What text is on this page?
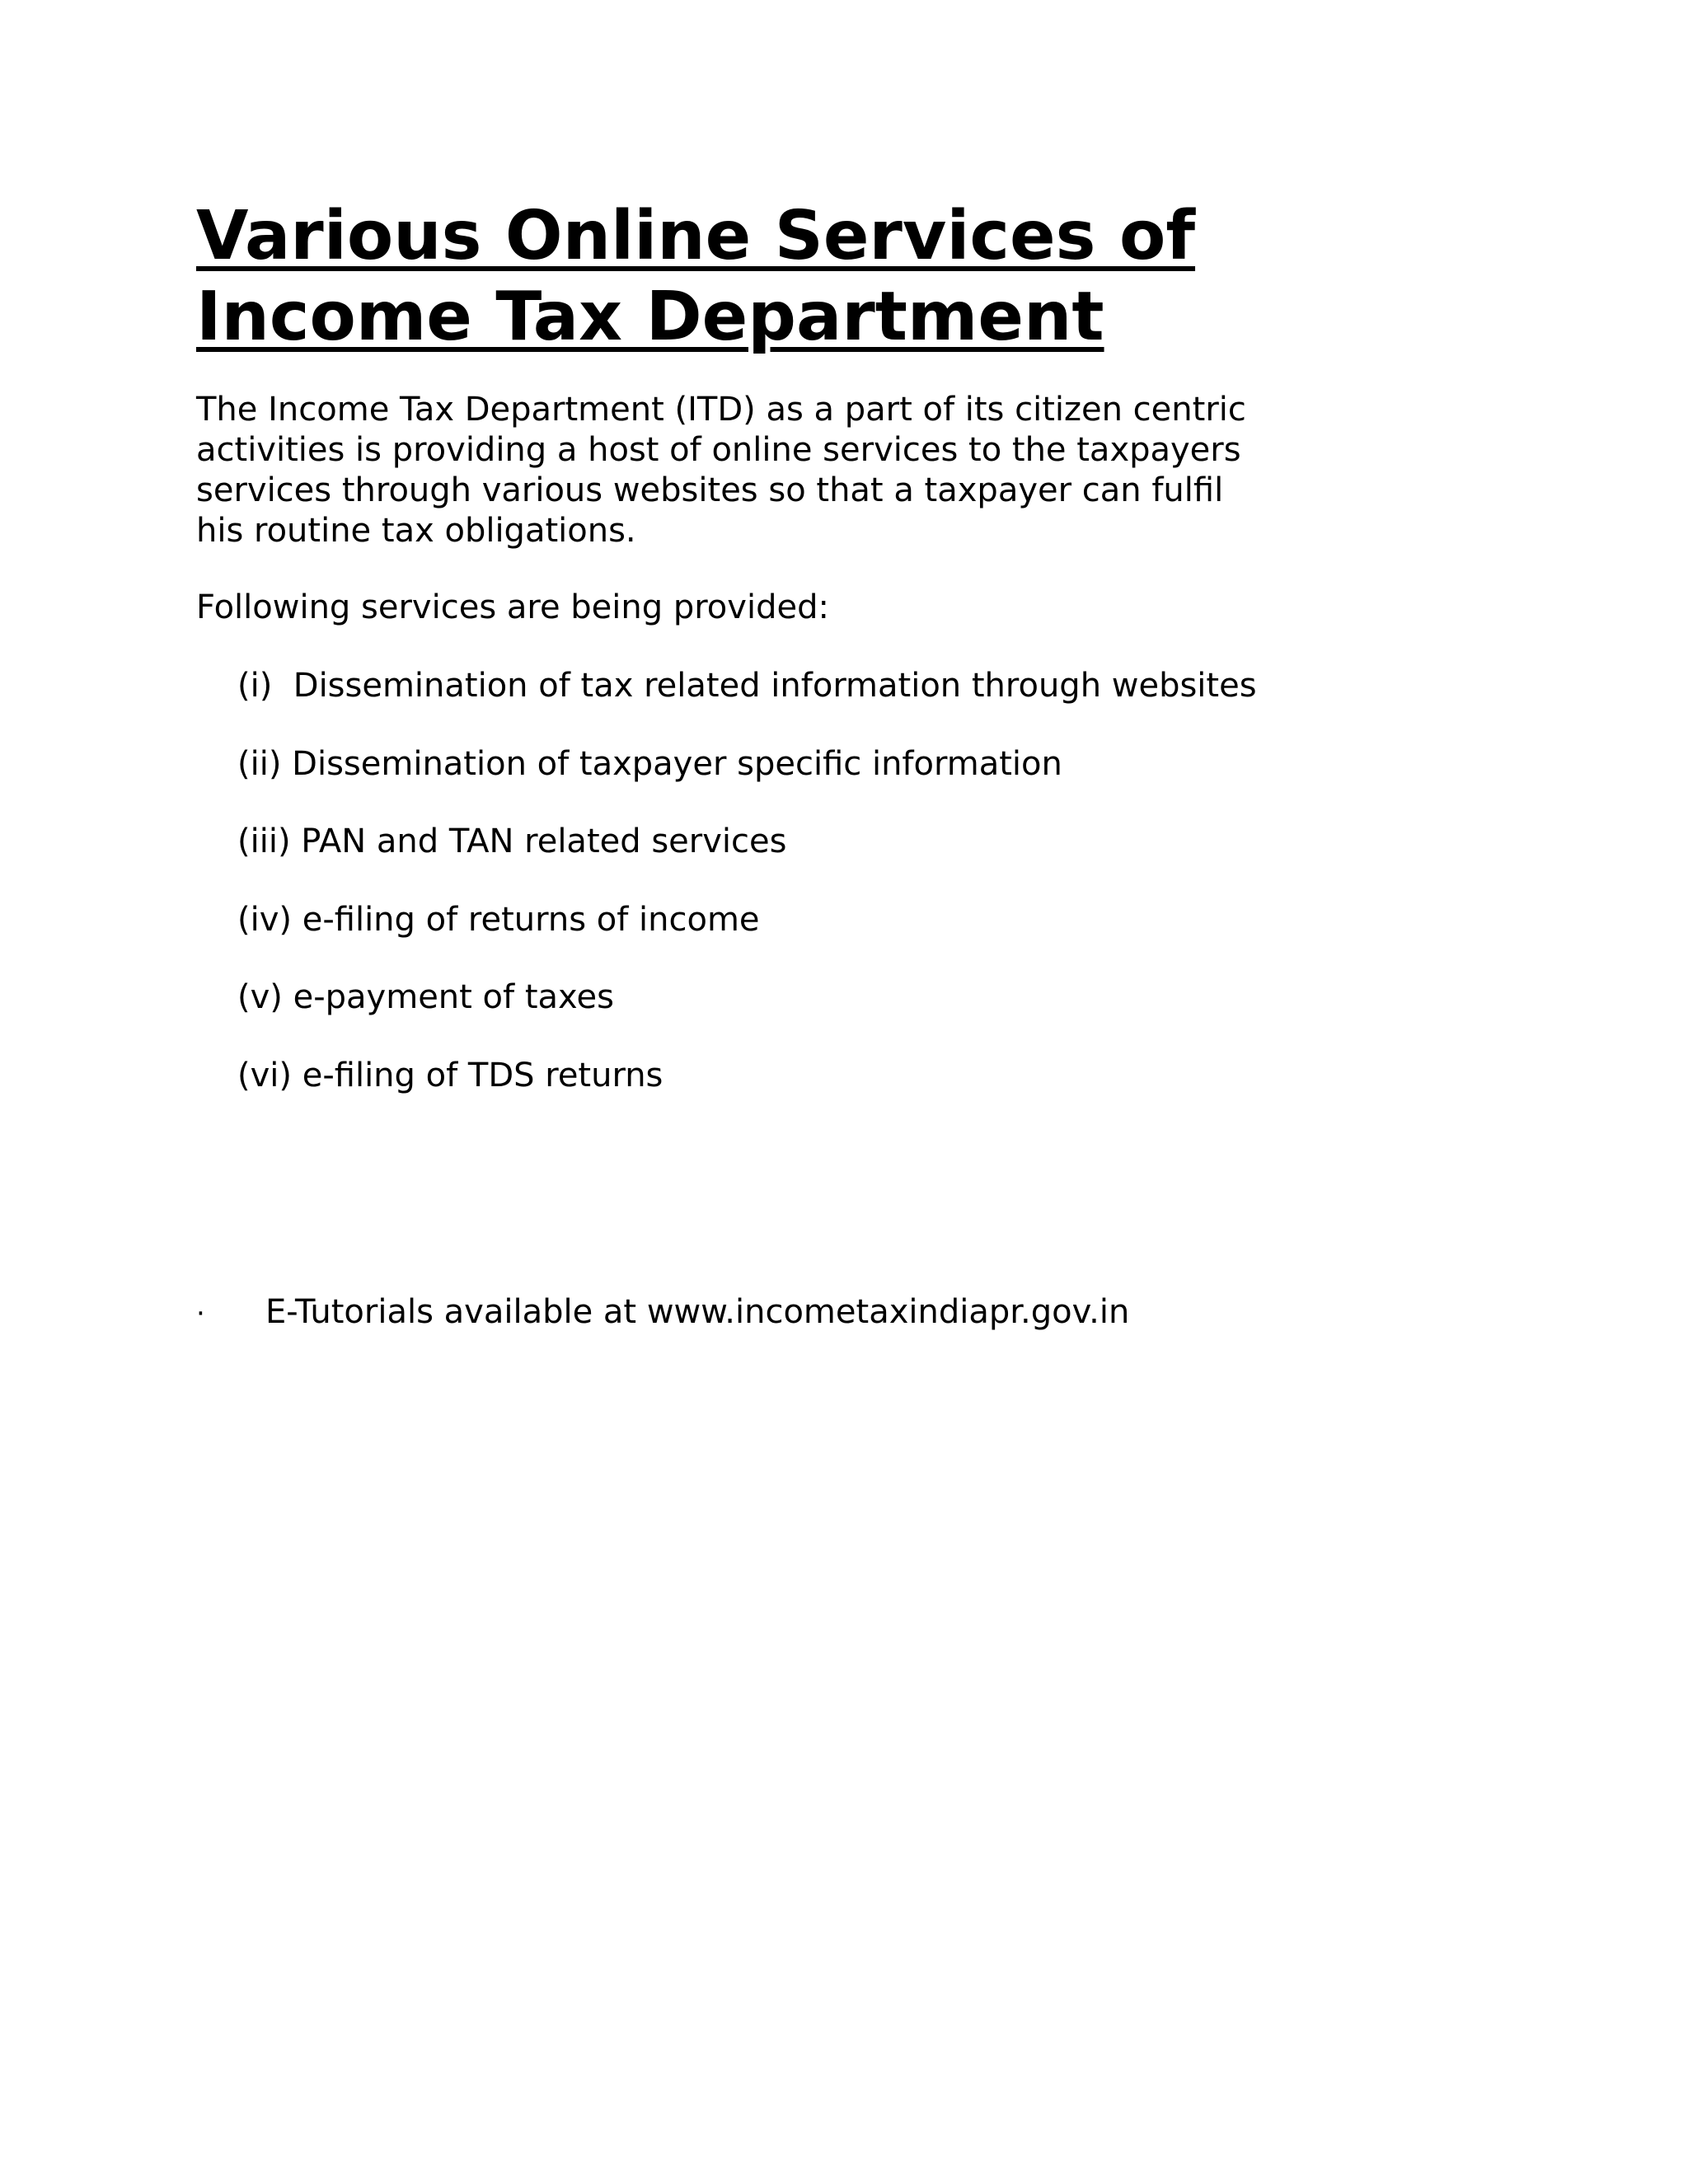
Various Online Services of
Income Tax Department

The Income Tax Department (ITD) as a part of its citizen centric
activities is providing a host of online services to the taxpayers
services through various websites so that a taxpayer can fulfil
his routine tax obligations.

Following services are being provided:

(i) Dissemination of tax related information through websites
(ii) Dissemination of taxpayer specific information
(iii) PAN and TAN related services
(iv) e-filing of returns of income
(v) e-payment of taxes
(vi) e-filing of TDS returns
· E-Tutorials available at www.incometaxindiapr.gov.in
